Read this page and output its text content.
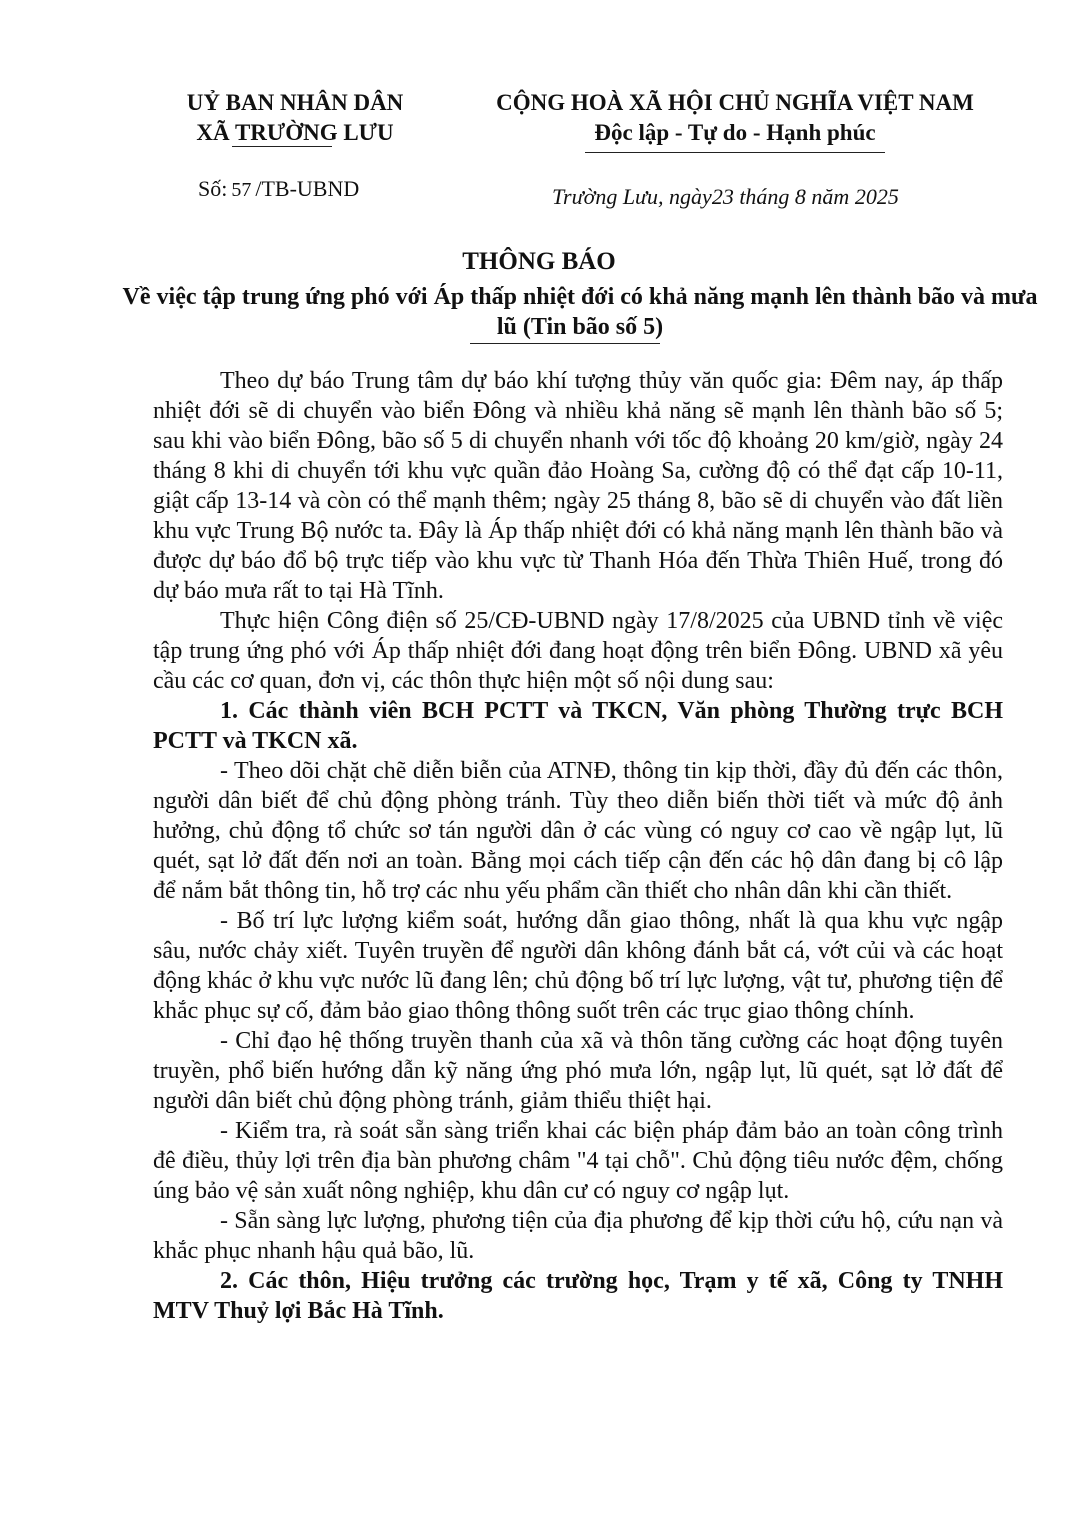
UỶ BAN NHÂN DÂN
XÃ TRƯỜNG LƯU
CỘNG HOÀ XÃ HỘI CHỦ NGHĨA VIỆT NAM
Độc lập - Tự do - Hạnh phúc
Số: 57 /TB-UBND	Trường Lưu, ngày23 tháng 8 năm 2025
THÔNG BÁO
Về việc tập trung ứng phó với Áp thấp nhiệt đới có khả năng mạnh lên thành bão và mưa lũ (Tin bão số 5)

Theo dự báo Trung tâm dự báo khí tượng thủy văn quốc gia: Đêm nay, áp thấp nhiệt đới sẽ di chuyển vào biển Đông và nhiều khả năng sẽ mạnh lên thành bão số 5; sau khi vào biển Đông, bão số 5 di chuyển nhanh với tốc độ khoảng 20 km/giờ, ngày 24 tháng 8 khi di chuyển tới khu vực quần đảo Hoàng Sa, cường độ có thể đạt cấp 10-11, giật cấp 13-14 và còn có thể mạnh thêm; ngày 25 tháng 8, bão sẽ di chuyển vào đất liền khu vực Trung Bộ nước ta. Đây là Áp thấp nhiệt đới có khả năng mạnh lên thành bão và được dự báo đổ bộ trực tiếp vào khu vực từ Thanh Hóa đến Thừa Thiên Huế, trong đó dự báo mưa rất to tại Hà Tĩnh.

Thực hiện Công điện số 25/CĐ-UBND ngày 17/8/2025 của UBND tỉnh về việc tập trung ứng phó với Áp thấp nhiệt đới đang hoạt động trên biển Đông. UBND xã yêu cầu các cơ quan, đơn vị, các thôn thực hiện một số nội dung sau:

1. Các thành viên BCH PCTT và TKCN, Văn phòng Thường trực BCH PCTT và TKCN xã.

- Theo dõi chặt chẽ diễn biễn của ATNĐ, thông tin kịp thời, đầy đủ đến các thôn, người dân biết để chủ động phòng tránh. Tùy theo diễn biến thời tiết và mức độ ảnh hưởng, chủ động tổ chức sơ tán người dân ở các vùng có nguy cơ cao về ngập lụt, lũ quét, sạt lở đất đến nơi an toàn. Bằng mọi cách tiếp cận đến các hộ dân đang bị cô lập để nắm bắt thông tin, hỗ trợ các nhu yếu phẩm cần thiết cho nhân dân khi cần thiết.

- Bố trí lực lượng kiểm soát, hướng dẫn giao thông, nhất là qua khu vực ngập sâu, nước chảy xiết. Tuyên truyền để người dân không đánh bắt cá, vớt củi và các hoạt động khác ở khu vực nước lũ đang lên; chủ động bố trí lực lượng, vật tư, phương tiện để khắc phục sự cố, đảm bảo giao thông thông suốt trên các trục giao thông chính.

- Chỉ đạo hệ thống truyền thanh của xã và thôn tăng cường các hoạt động tuyên truyền, phổ biến hướng dẫn kỹ năng ứng phó mưa lớn, ngập lụt, lũ quét, sạt lở đất để người dân biết chủ động phòng tránh, giảm thiểu thiệt hại.

- Kiểm tra, rà soát sẵn sàng triển khai các biện pháp đảm bảo an toàn công trình đê điều, thủy lợi trên địa bàn phương châm "4 tại chỗ". Chủ động tiêu nước đệm, chống úng bảo vệ sản xuất nông nghiệp, khu dân cư có nguy cơ ngập lụt.

- Sẵn sàng lực lượng, phương tiện của địa phương để kịp thời cứu hộ, cứu nạn và khắc phục nhanh hậu quả bão, lũ.

2. Các thôn, Hiệu trưởng các trường học, Trạm y tế xã, Công ty TNHH MTV Thuỷ lợi Bắc Hà Tĩnh.
